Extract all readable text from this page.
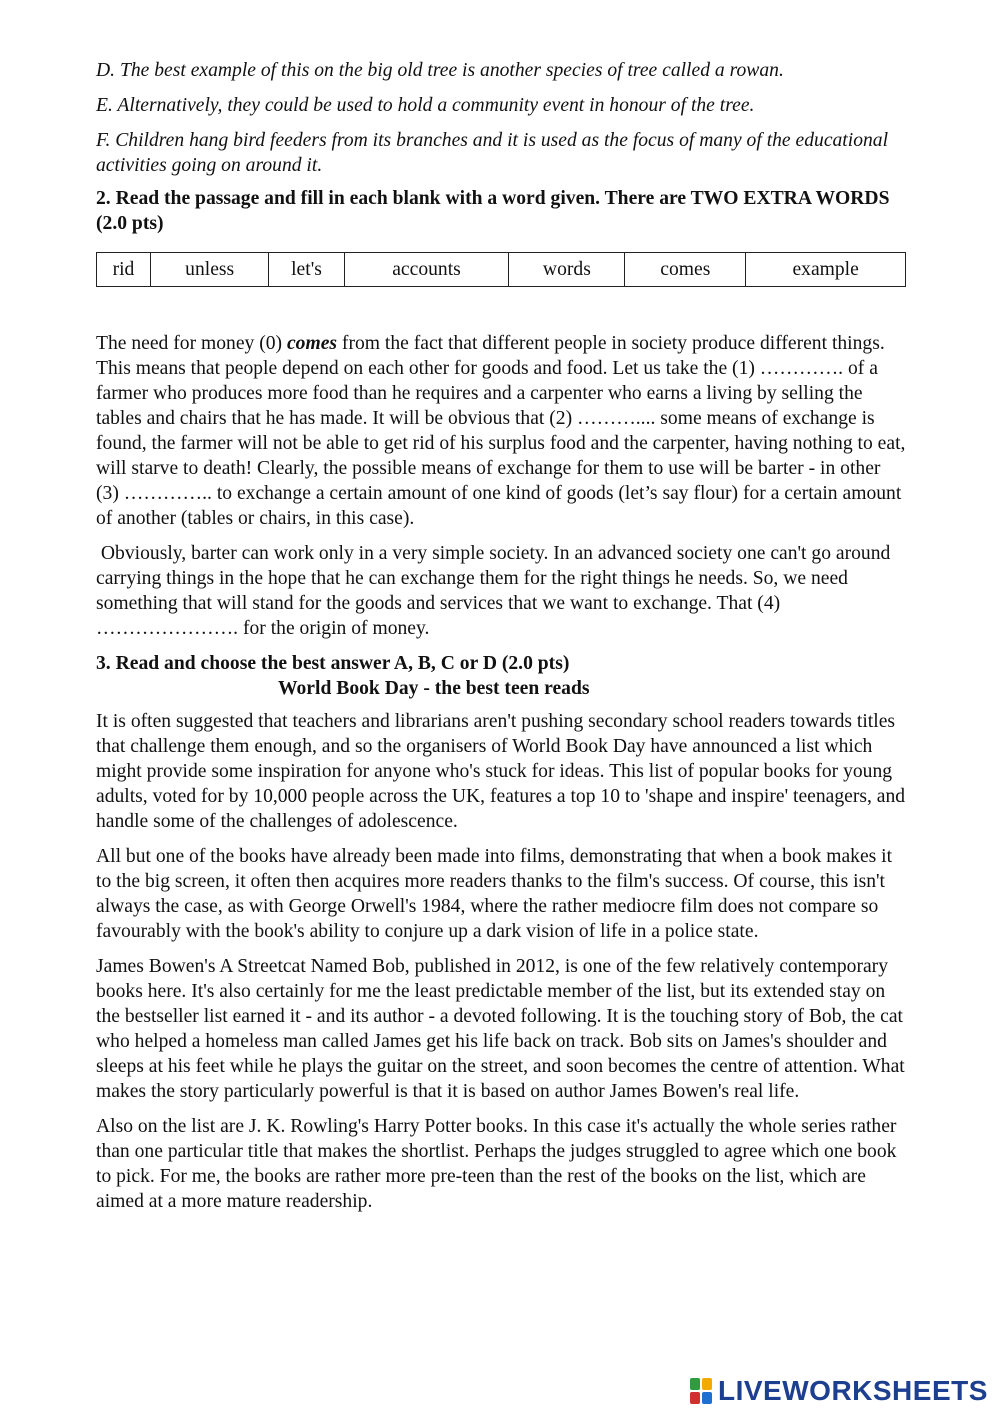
D. The best example of this on the big old tree is another species of tree called a rowan.

E. Alternatively, they could be used to hold a community event in honour of the tree.

F. Children hang bird feeders from its branches and it is used as the focus of many of the educational activities going on around it.

2. Read the passage and fill in each blank with a word given. There are TWO EXTRA WORDS (2.0 pts)

rid	unless	let's	accounts	words	comes	example

The need for money (0) comes from the fact that different people in society produce different things. This means that people depend on each other for goods and food. Let us take the (1) …………. of a farmer who produces more food than he requires and a carpenter who earns a living by selling the tables and chairs that he has made. It will be obvious that (2) ……….... some means of exchange is found, the farmer will not be able to get rid of his surplus food and the carpenter, having nothing to eat, will starve to death! Clearly, the possible means of exchange for them to use will be barter - in other (3) ………….. to exchange a certain amount of one kind of goods (let’s say flour) for a certain amount of another (tables or chairs, in this case).

Obviously, barter can work only in a very simple society. In an advanced society one can't go around carrying things in the hope that he can exchange them for the right things he needs. So, we need something that will stand for the goods and services that we want to exchange. That (4) …………………. for the origin of money.

3. Read and choose the best answer A, B, C or D (2.0 pts)

World Book Day - the best teen reads

It is often suggested that teachers and librarians aren't pushing secondary school readers towards titles that challenge them enough, and so the organisers of World Book Day have announced a list which might provide some inspiration for anyone who's stuck for ideas. This list of popular books for young adults, voted for by 10,000 people across the UK, features a top 10 to 'shape and inspire' teenagers, and handle some of the challenges of adolescence.

All but one of the books have already been made into films, demonstrating that when a book makes it to the big screen, it often then acquires more readers thanks to the film's success. Of course, this isn't always the case, as with George Orwell's 1984, where the rather mediocre film does not compare so favourably with the book's ability to conjure up a dark vision of life in a police state.

James Bowen's A Streetcat Named Bob, published in 2012, is one of the few relatively contemporary books here. It's also certainly for me the least predictable member of the list, but its extended stay on the bestseller list earned it - and its author - a devoted following. It is the touching story of Bob, the cat who helped a homeless man called James get his life back on track. Bob sits on James's shoulder and sleeps at his feet while he plays the guitar on the street, and soon becomes the centre of attention. What makes the story particularly powerful is that it is based on author James Bowen's real life.

Also on the list are J. K. Rowling's Harry Potter books. In this case it's actually the whole series rather than one particular title that makes the shortlist. Perhaps the judges struggled to agree which one book to pick. For me, the books are rather more pre-teen than the rest of the books on the list, which are aimed at a more mature readership.

LIVEWORKSHEETS
